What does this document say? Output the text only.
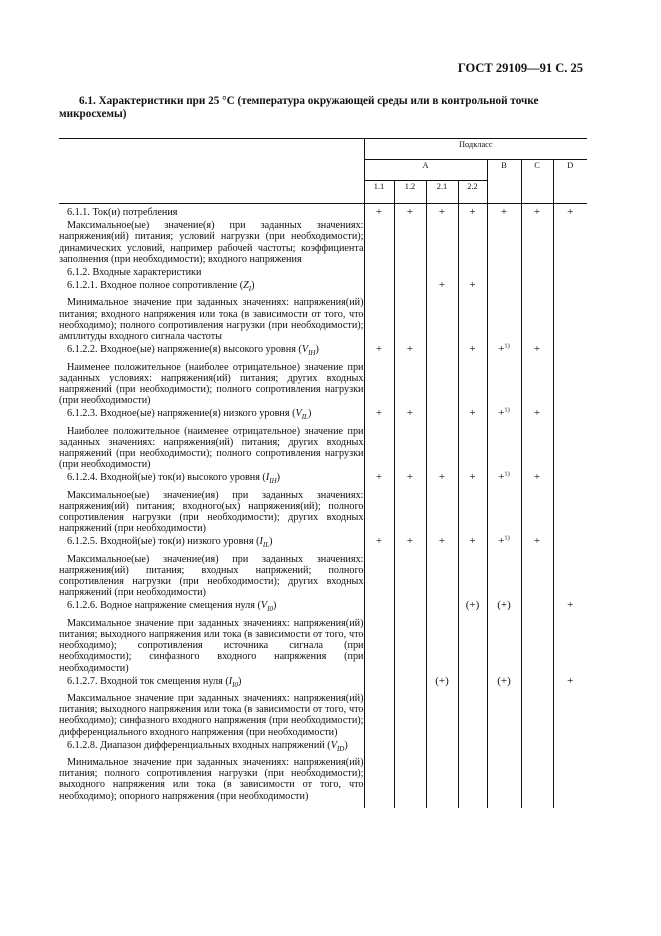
ГОСТ 29109—91 С. 25
6.1. Характеристики при 25 °С (температура окружающей среды или в контрольной точке микросхемы)
	Подкласс						
	А				В	С	D
	1.1	1.2	2.1	2.2			

6.1.1. Ток(и) потребления

Максимальное(ые) значение(я) при заданных значениях: напряжения(ий) питания; условий нагрузки (при необходимости); динамических условий, например рабочей частоты; коэффициента заполнения (при необходимости); входного напряжения	+	+	+	+	+	+	+

6.1.2. Входные характеристики							

6.1.2.1. Входное полное сопротивление $(Z_I)$

Минимальное значение при заданных значениях: напряжения(ий) питания; входного напряжения или тока (в зависимости от того, что необходимо); полного сопротивления нагрузки (при необходимости); амплитуды входного сигнала частоты			+	+			

6.1.2.2. Входное(ые) напряжение(я) высокого уровня $(V_{IH})$

Наименее положительное (наиболее отрицательное) значение при заданных условиях: напряжения(ий) питания; других входных напряжений (при необходимости); полного сопротивления нагрузки (при необходимости)	+	+		+	+$^{1)}$	+	

6.1.2.3. Входное(ые) напряжение(я) низкого уровня $(V_{IL})$

Наиболее положительное (наименее отрицательное) значение при заданных значениях: напряжения(ий) питания; других входных напряжений (при необходимости); полного сопротивления нагрузки (при необходимости)	+	+		+	+$^{1)}$	+	

6.1.2.4. Входной(ые) ток(и) высокого уровня $(I_{IH})$

Максимальное(ые) значение(ия) при заданных значениях: напряжения(ий) питания; входного(ых) напряжения(ий); полного сопротивления нагрузки (при необходимости); других входных напряжений (при необходимости)	+	+	+	+	+$^{1)}$	+	

6.1.2.5. Входной(ые) ток(и) низкого уровня $(I_{IL})$

Максимальное(ые) значение(ия) при заданных значениях: напряжения(ий) питания; входных напряжений; полного сопротивления нагрузки (при необходимости); других входных напряжений (при необходимости)	+	+	+	+	+$^{1)}$	+	

6.1.2.6. Водное напряжение смещения нуля $(V_{I0})$

Максимальное значение при заданных значениях: напряжения(ий) питания; выходного напряжения или тока (в зависимости от того, что необходимо); сопротивления источника сигнала (при необходимости); синфазного входного напряжения (при необходимости)				(+)	(+)		+

6.1.2.7. Входной ток смещения нуля $(I_{I0})$

Максимальное значение при заданных значениях: напряжения(ий) питания; выходного напряжения или тока (в зависимости от того, что необходимо); синфазного входного напряжения (при необходимости); дифференциального входного напряжения (при необходимости)			(+)		(+)		+

6.1.2.8. Диапазон дифференциальных входных напряжений $(V_{ID})$

Минимальное значение при заданных значениях: напряжения(ий) питания; полного сопротивления нагрузки (при необходимости); выходного напряжения или тока (в зависимости от того, что необходимо); опорного напряжения (при необходимости)							
